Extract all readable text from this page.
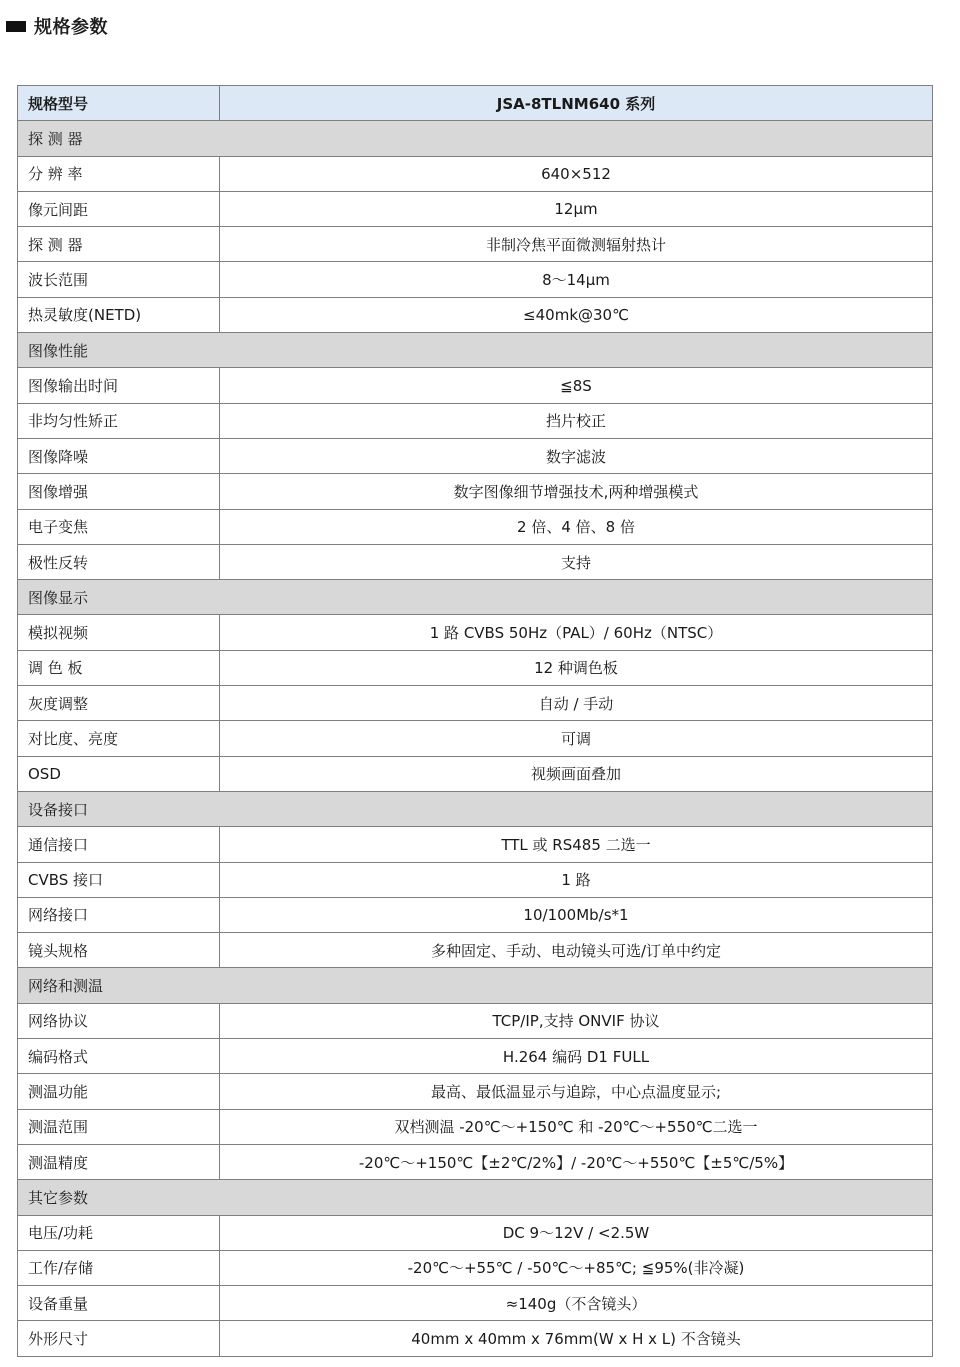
规格参数
规格型号	JSA-8TLNM640 系列
探 测 器	
分 辨 率	640×512
像元间距	12μm
探 测 器	非制冷焦平面微测辐射热计
波长范围	8～14μm
热灵敏度(NETD)	≤40mk@30℃
图像性能	
图像输出时间	≦8S
非均匀性矫正	挡片校正
图像降噪	数字滤波
图像增强	数字图像细节增强技术,两种增强模式
电子变焦	2 倍、4 倍、8 倍
极性反转	支持
图像显示	
模拟视频	1 路 CVBS 50Hz（PAL）/ 60Hz（NTSC）
调 色 板	12 种调色板
灰度调整	自动 / 手动
对比度、亮度	可调
OSD	视频画面叠加
设备接口	
通信接口	TTL 或 RS485 二选一
CVBS 接口	1 路
网络接口	10/100Mb/s*1
镜头规格	多种固定、手动、电动镜头可选/订单中约定
网络和测温	
网络协议	TCP/IP,支持 ONVIF 协议
编码格式	H.264 编码 D1 FULL
测温功能	最高、最低温显示与追踪，中心点温度显示;
测温范围	双档测温 -20℃～+150℃ 和 -20℃～+550℃二选一
测温精度	-20℃～+150℃【±2℃/2%】/ -20℃～+550℃【±5℃/5%】
其它参数	
电压/功耗	DC 9～12V / <2.5W
工作/存储	-20℃～+55℃ / -50℃～+85℃; ≦95%(非冷凝)
设备重量	≈140g（不含镜头）
外形尺寸	40mm x 40mm x 76mm(W x H x L) 不含镜头
